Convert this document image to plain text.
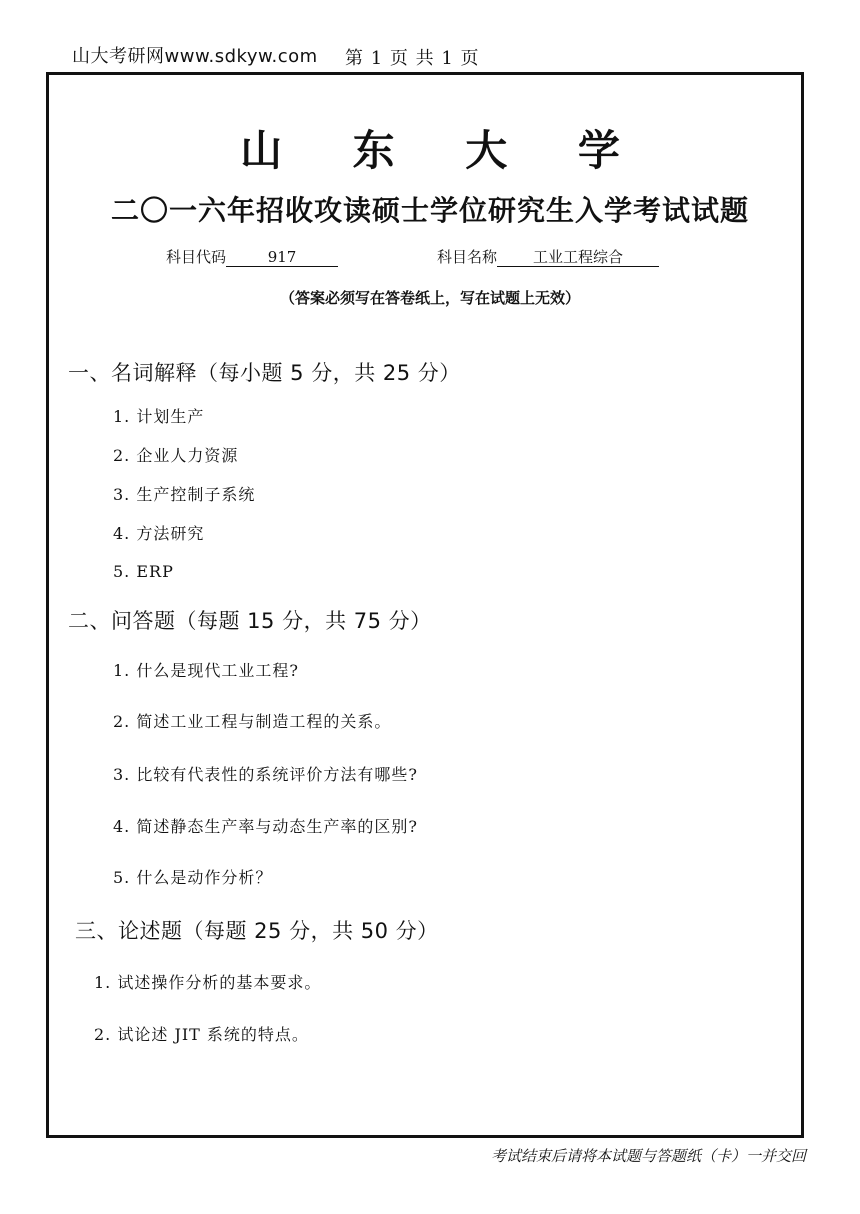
山大考研网www.sdkyw.com 第 1 页 共 1 页
山 东 大 学
二〇一六年招收攻读硕士学位研究生入学考试试题
科目代码	917	科目名称 工业工程综合
（答案必须写在答卷纸上，写在试题上无效）
一、名词解释（每小题 5 分，共 25 分）
1. 计划生产
2. 企业人力资源
3. 生产控制子系统
4. 方法研究
5. ERP
二、问答题（每题 15 分，共 75 分）
1. 什么是现代工业工程?
2. 简述工业工程与制造工程的关系。
3. 比较有代表性的系统评价方法有哪些?
4. 简述静态生产率与动态生产率的区别?
5. 什么是动作分析？
三、论述题（每题 25 分，共 50 分）
1. 试述操作分析的基本要求。
2. 试论述 JIT 系统的特点。
考试结束后请将本试题与答题纸（卡）一并交回
